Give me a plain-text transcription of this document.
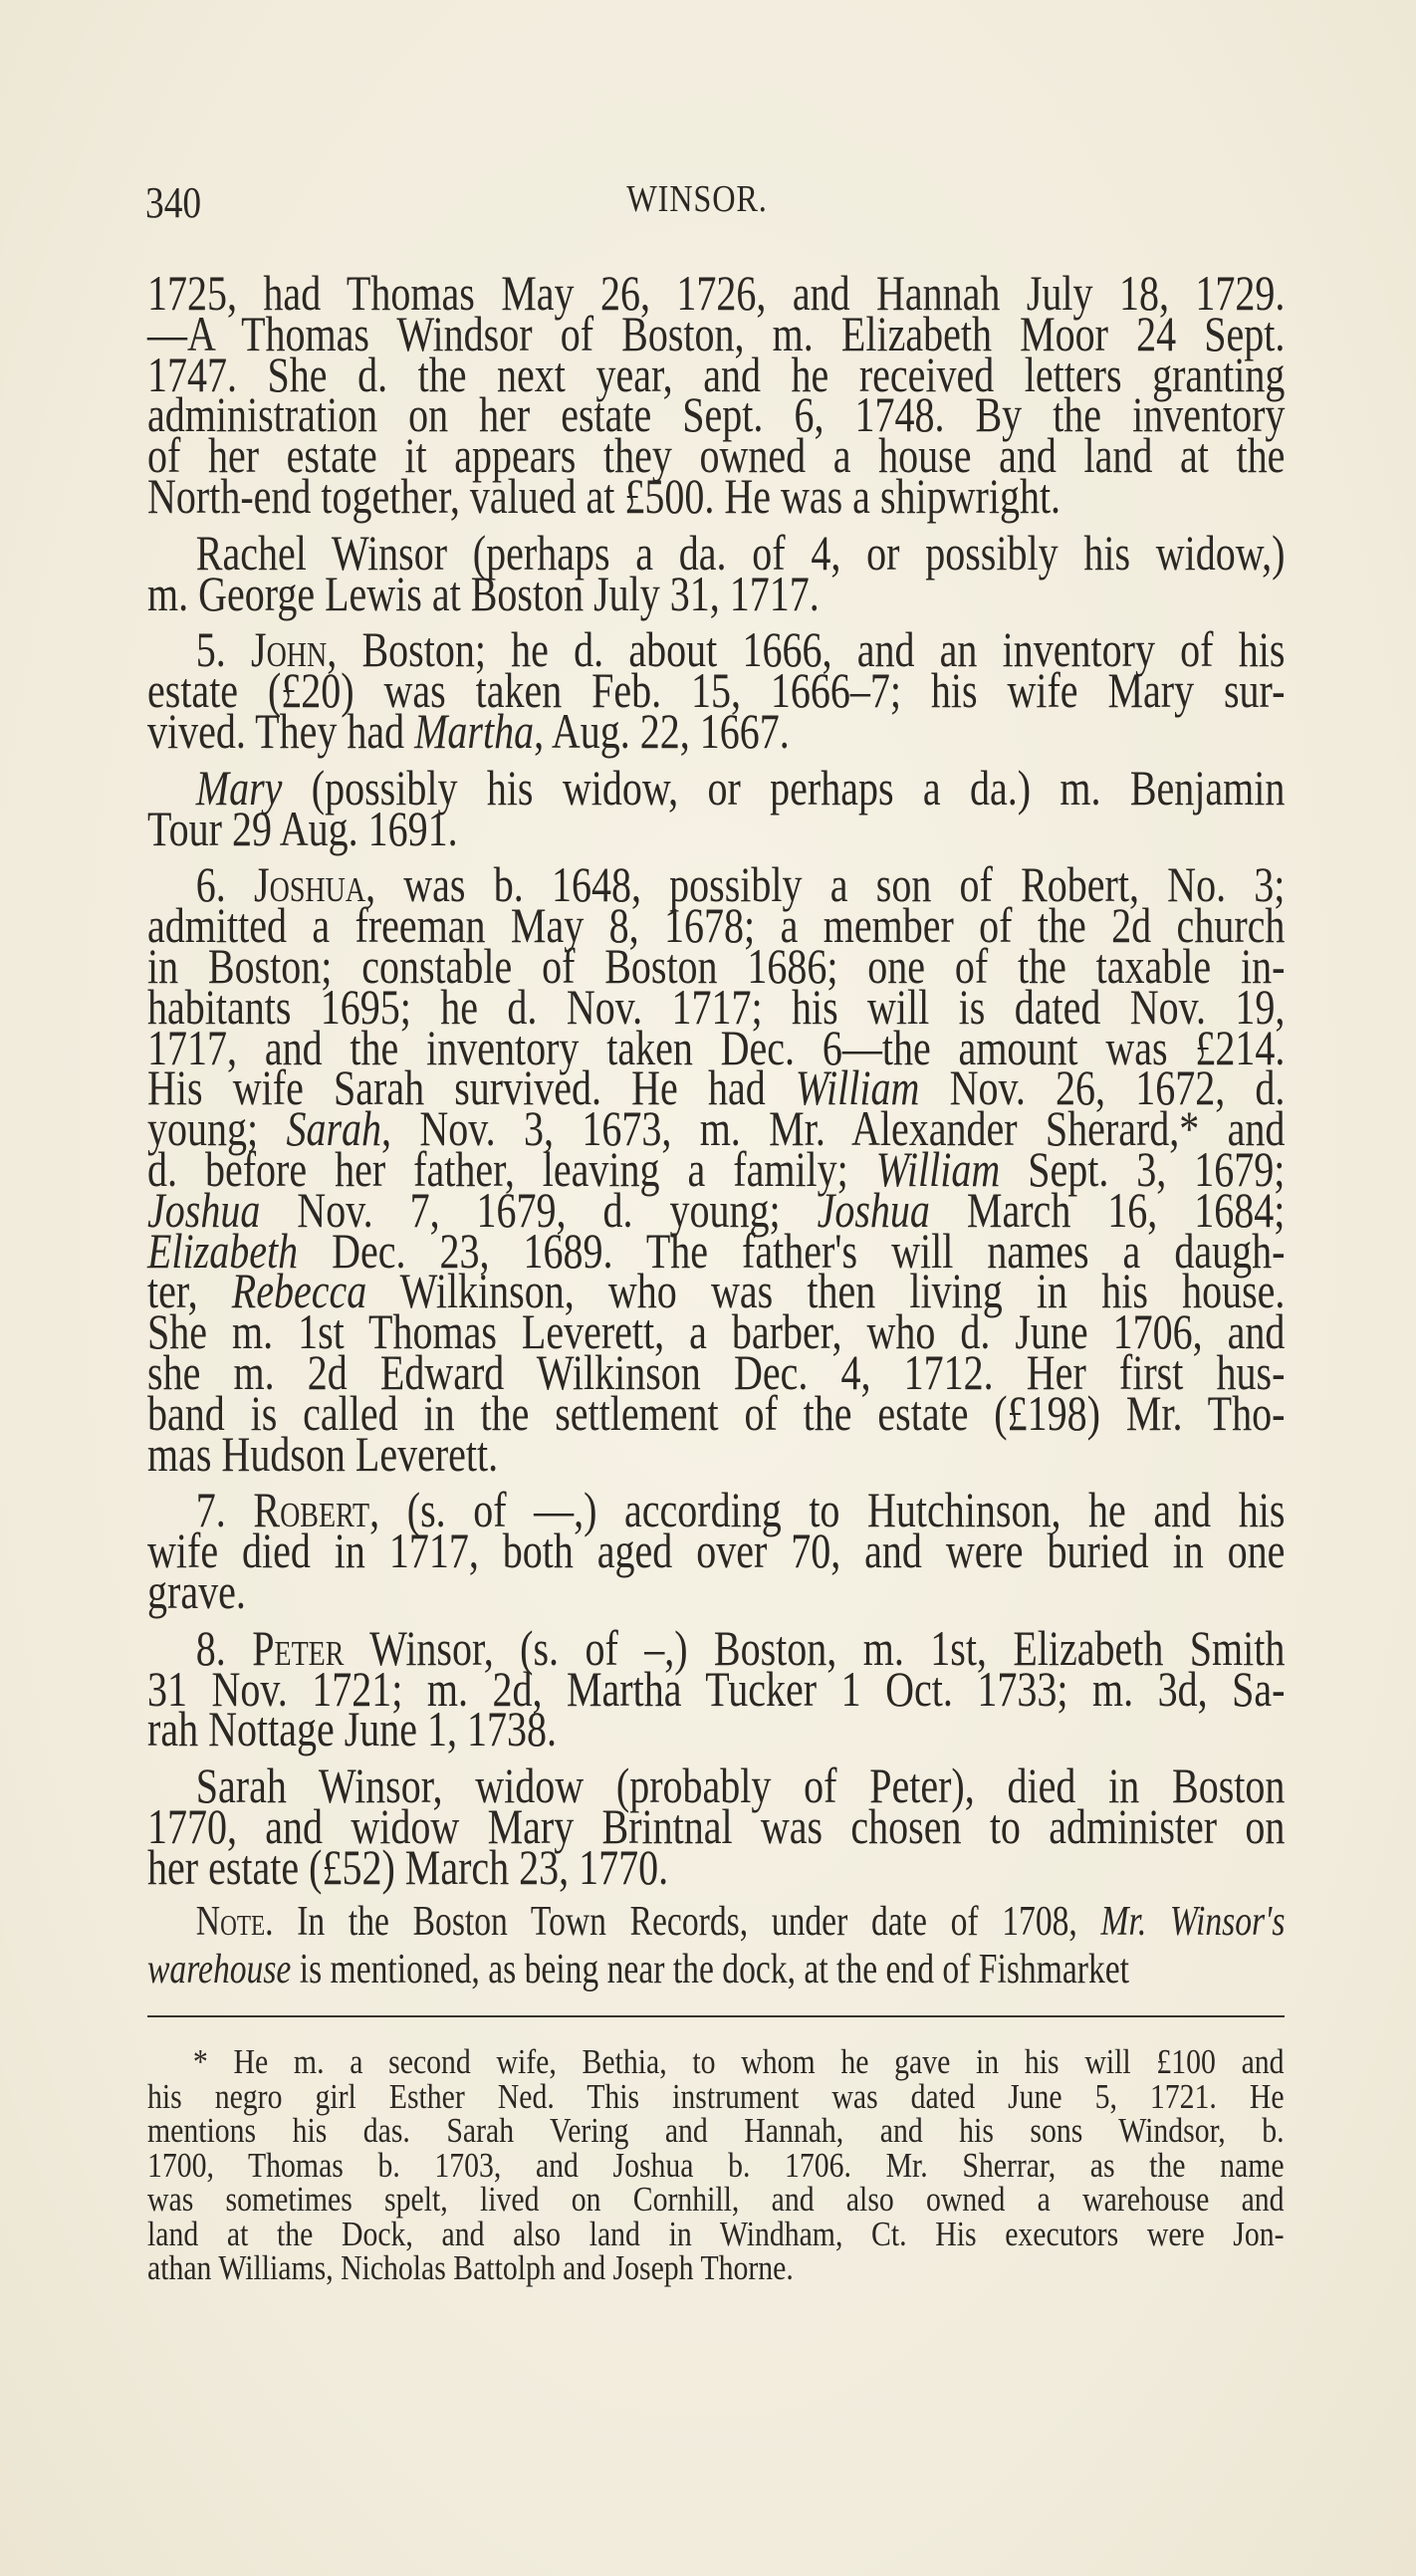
340	WINSOR.
1725, had Thomas May 26, 1726, and Hannah July 18, 1729.
—A Thomas Windsor of Boston, m. Elizabeth Moor 24 Sept.
1747. She d. the next year, and he received letters granting
administration on her estate Sept. 6, 1748. By the inventory
of her estate it appears they owned a house and land at the
North-end together, valued at £500. He was a shipwright.
Rachel Winsor (perhaps a da. of 4, or possibly his widow,)
m. George Lewis at Boston July 31, 1717.
5. John, Boston; he d. about 1666, and an inventory of his
estate (£20) was taken Feb. 15, 1666–7; his wife Mary sur-
vived. They had Martha, Aug. 22, 1667.
Mary (possibly his widow, or perhaps a da.) m. Benjamin
Tour 29 Aug. 1691.
6. Joshua, was b. 1648, possibly a son of Robert, No. 3;
admitted a freeman May 8, 1678; a member of the 2d church
in Boston; constable of Boston 1686; one of the taxable in-
habitants 1695; he d. Nov. 1717; his will is dated Nov. 19,
1717, and the inventory taken Dec. 6—the amount was £214.
His wife Sarah survived. He had William Nov. 26, 1672, d.
young; Sarah, Nov. 3, 1673, m. Mr. Alexander Sherard,* and
d. before her father, leaving a family; William Sept. 3, 1679;
Joshua Nov. 7, 1679, d. young; Joshua March 16, 1684;
Elizabeth Dec. 23, 1689. The father's will names a daugh-
ter, Rebecca Wilkinson, who was then living in his house.
She m. 1st Thomas Leverett, a barber, who d. June 1706, and
she m. 2d Edward Wilkinson Dec. 4, 1712. Her first hus-
band is called in the settlement of the estate (£198) Mr. Tho-
mas Hudson Leverett.
7. Robert, (s. of —,) according to Hutchinson, he and his
wife died in 1717, both aged over 70, and were buried in one
grave.
8. Peter Winsor, (s. of –,) Boston, m. 1st, Elizabeth Smith
31 Nov. 1721; m. 2d, Martha Tucker 1 Oct. 1733; m. 3d, Sa-
rah Nottage June 1, 1738.
Sarah Winsor, widow (probably of Peter), died in Boston
1770, and widow Mary Brintnal was chosen to administer on
her estate (£52) March 23, 1770.
Note. In the Boston Town Records, under date of 1708, Mr. Winsor's
warehouse is mentioned, as being near the dock, at the end of Fishmarket
* He m. a second wife, Bethia, to whom he gave in his will £100 and
his negro girl Esther Ned. This instrument was dated June 5, 1721. He
mentions his das. Sarah Vering and Hannah, and his sons Windsor, b.
1700, Thomas b. 1703, and Joshua b. 1706. Mr. Sherrar, as the name
was sometimes spelt, lived on Cornhill, and also owned a warehouse and
land at the Dock, and also land in Windham, Ct. His executors were Jon-
athan Williams, Nicholas Battolph and Joseph Thorne.
